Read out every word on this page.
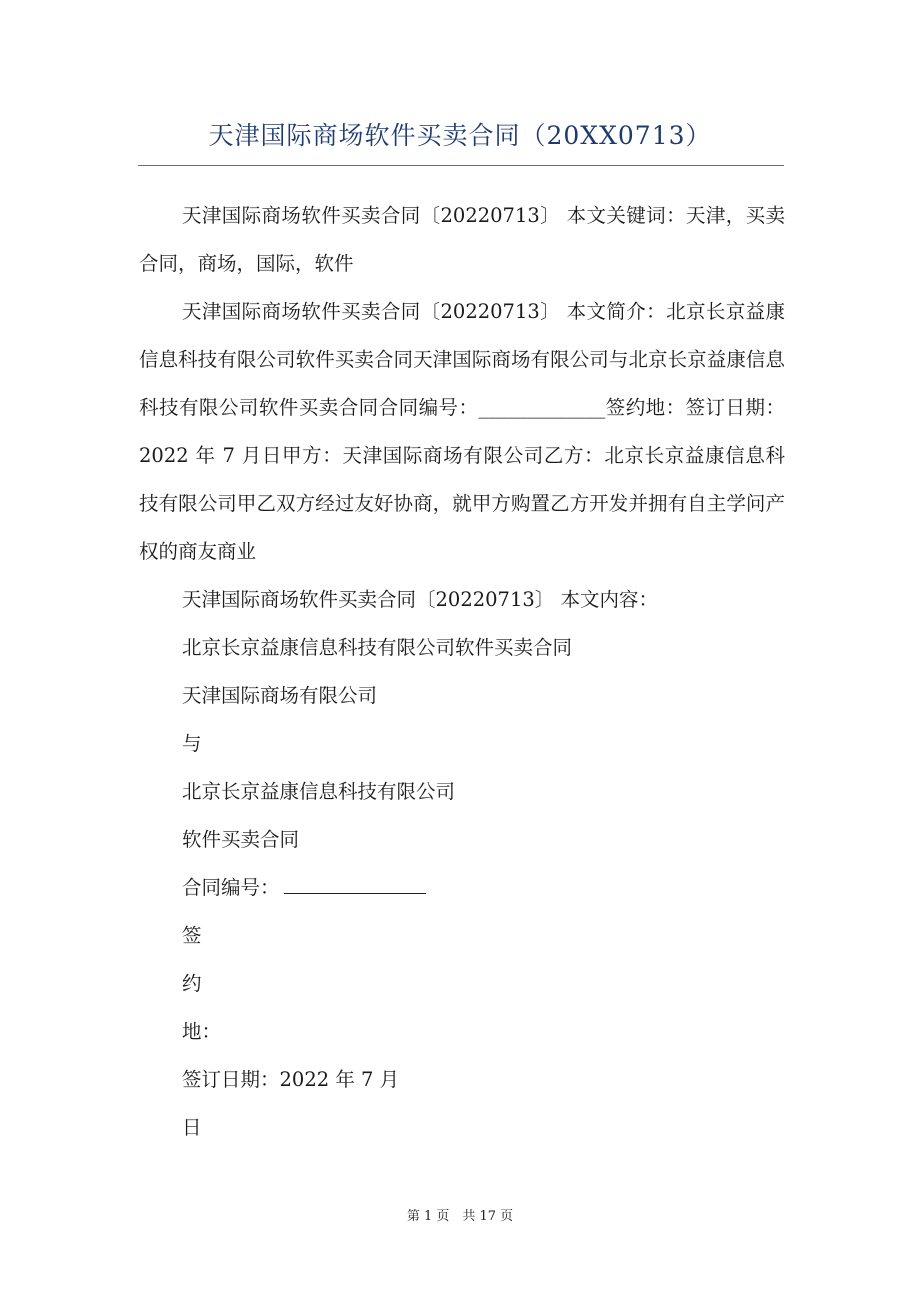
天津国际商场软件买卖合同（20XX0713）
天津国际商场软件买卖合同〔20220713〕 本文关键词：天津，买卖合同，商场，国际，软件
天津国际商场软件买卖合同〔20220713〕 本文简介：北京长京益康信息科技有限公司软件买卖合同天津国际商场有限公司与北京长京益康信息科技有限公司软件买卖合同合同编号：_____________签约地：签订日期：2022 年 7 月日甲方：天津国际商场有限公司乙方：北京长京益康信息科技有限公司甲乙双方经过友好协商，就甲方购置乙方开发并拥有自主学问产权的商友商业
天津国际商场软件买卖合同〔20220713〕 本文内容：
北京长京益康信息科技有限公司软件买卖合同
天津国际商场有限公司
与
北京长京益康信息科技有限公司
软件买卖合同
合同编号：
签
约
地：
签订日期：2022 年 7 月
日
第 1 页　共 17 页
